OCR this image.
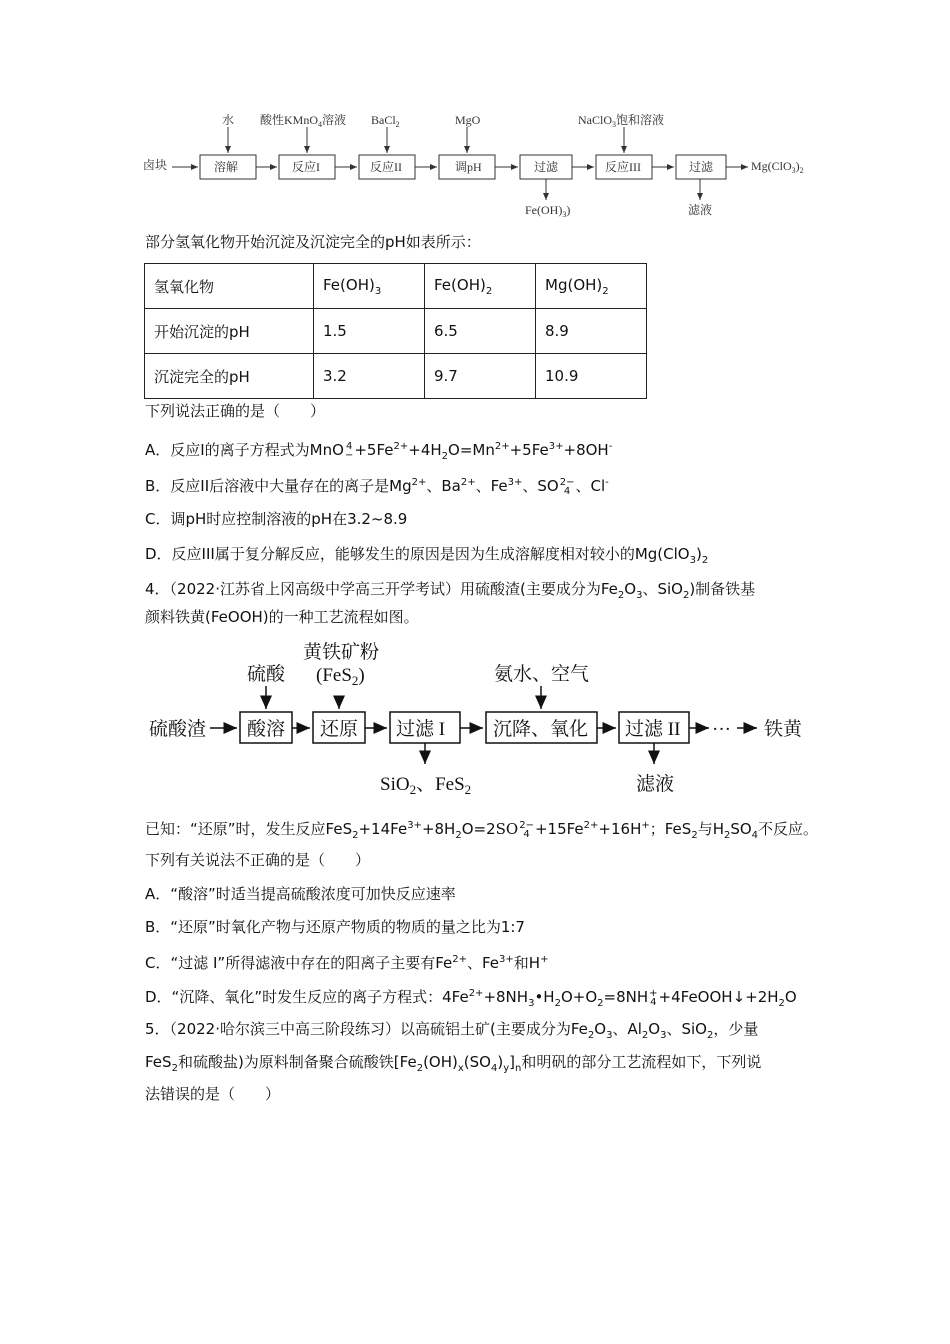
卤块	溶解	反应I	反应II	调pH	过滤	反应III	过滤
水 酸性KMnO$_4$溶液 BaCl$_2$	MgO	NaClO$_3$饱和溶液
$Fe(OH)_3$)	滤液
$Mg(ClO_3)_2$
部分氢氧化物开始沉淀及沉淀完全的pH如表所示：
氢氧化物	$Fe(OH)_3$	$Fe(OH)_2$	$Mg(OH)_2$
开始沉淀的pH	1.5	6.5	8.9
沉淀完全的pH	3.2	9.7	10.9
下列说法正确的是（　　）
A．反应I的离子方程式为MnO 4
− $+5Fe^{2+}+4H_2O=Mn^{2+}+5Fe^{3+}+8OH^-$
B．反应II后溶液中大量存在的离子是$Mg^{2+}$、$Ba^{2+}$、$Fe^{3+}$、SO 2−
4 、Cl-
C．调pH时应控制溶液的pH在3.2~8.9
D．反应III属于复分解反应，能够发生的原因是因为生成溶解度相对较小的$Mg(ClO_3)_2$
4．（2022·江苏省上冈高级中学高三开学考试）用硫酸渣(主要成分为$Fe_2O_3$、SiO$_2$)制备铁基
颜料铁黄(FeOOH)的一种工艺流程如图。
硫酸渣 酸溶 还原 过滤 I	沉降、氧化 过滤 II ··· 铁黄
硫酸
黄铁矿粉
(FeS$_2$)	氨水、空气
SiO$_2$、FeS$_2$	滤液
已知：“还原”时，发生反应$FeS_2+14Fe^{3+}+8H_2O=2SO$ 2−
$4 +15Fe^{2+}+16H^+$；FeS$_2$与$H_2SO_4$不反应。
下列有关说法不正确的是（　　）
A．“酸溶”时适当提高硫酸浓度可加快反应速率
B．“还原”时氧化产物与还原产物质的物质的量之比为1:7
C．“过滤 I”所得滤液中存在的阳离子主要有$Fe^{2+}$、$Fe^{3+}$和H+
D．“沉降、氧化”时发生反应的离子方程式：$4Fe^{2+}+8NH_3•H_2O+O_2=8NH$ +
$4 +4FeOOH↓+2H_2O$
5．（2022·哈尔滨三中高三阶段练习）以高硫铝土矿(主要成分为$Fe_2O_3$、$Al_2O_3$、SiO$_2$，少量
FeS$_2$和硫酸盐)为原料制备聚合硫酸铁$[Fe_2(OH)_x(SO_4)_y]_n$和明矾的部分工艺流程如下，下列说
法错误的是（　　）
